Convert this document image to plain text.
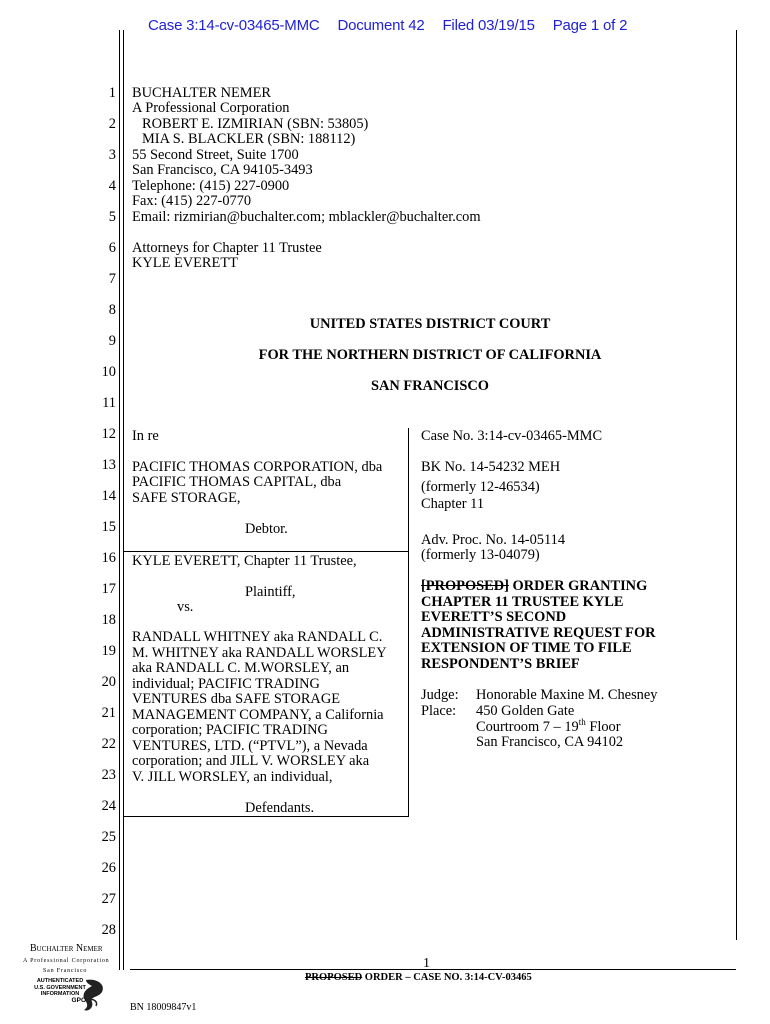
Case 3:14-cv-03465-MMC Document 42 Filed 03/19/15 Page 1 of 2
1
2
3
4
5
6
7
8
9
10
11
12
13
14
15
16
17
18
19
20
21
22
23
24
25
26
27
28
BUCHALTER NEMER
A Professional Corporation
ROBERT E. IZMIRIAN (SBN: 53805)
MIA S. BLACKLER (SBN: 188112)
55 Second Street, Suite 1700
San Francisco, CA 94105-3493
Telephone: (415) 227-0900
Fax: (415) 227-0770
Email: rizmirian@buchalter.com; mblackler@buchalter.com
Attorneys for Chapter 11 Trustee
KYLE EVERETT
UNITED STATES DISTRICT COURT
FOR THE NORTHERN DISTRICT OF CALIFORNIA
SAN FRANCISCO
In re
PACIFIC THOMAS CORPORATION, dba
PACIFIC THOMAS CAPITAL, dba
SAFE STORAGE,
Debtor.
KYLE EVERETT, Chapter 11 Trustee,
Plaintiff,
vs.
RANDALL WHITNEY aka RANDALL C.
M. WHITNEY aka RANDALL WORSLEY
aka RANDALL C. M.WORSLEY, an
individual; PACIFIC TRADING
VENTURES dba SAFE STORAGE
MANAGEMENT COMPANY, a California
corporation; PACIFIC TRADING
VENTURES, LTD. (“PTVL”), a Nevada
corporation; and JILL V. WORSLEY aka
V. JILL WORSLEY, an individual,
Defendants.
Case No. 3:14-cv-03465-MMC
BK No. 14-54232 MEH
(formerly 12-46534)
Chapter 11
Adv. Proc. No. 14-05114
(formerly 13-04079)
[PROPOSED] ORDER GRANTING
CHAPTER 11 TRUSTEE KYLE
EVERETT’S SECOND
ADMINISTRATIVE REQUEST FOR
EXTENSION OF TIME TO FILE
RESPONDENT’S BRIEF
Judge: Honorable Maxine M. Chesney
Place: 450 Golden Gate
Courtroom 7 – 19th Floor
San Francisco, CA 94102
1
PROPOSED ORDER – CASE NO. 3:14-CV-03465
BN 18009847v1
Buchalter Nemer
A Professional Corporation
San Francisco
AUTHENTICATED
U.S. GOVERNMENT
INFORMATION
GPO
